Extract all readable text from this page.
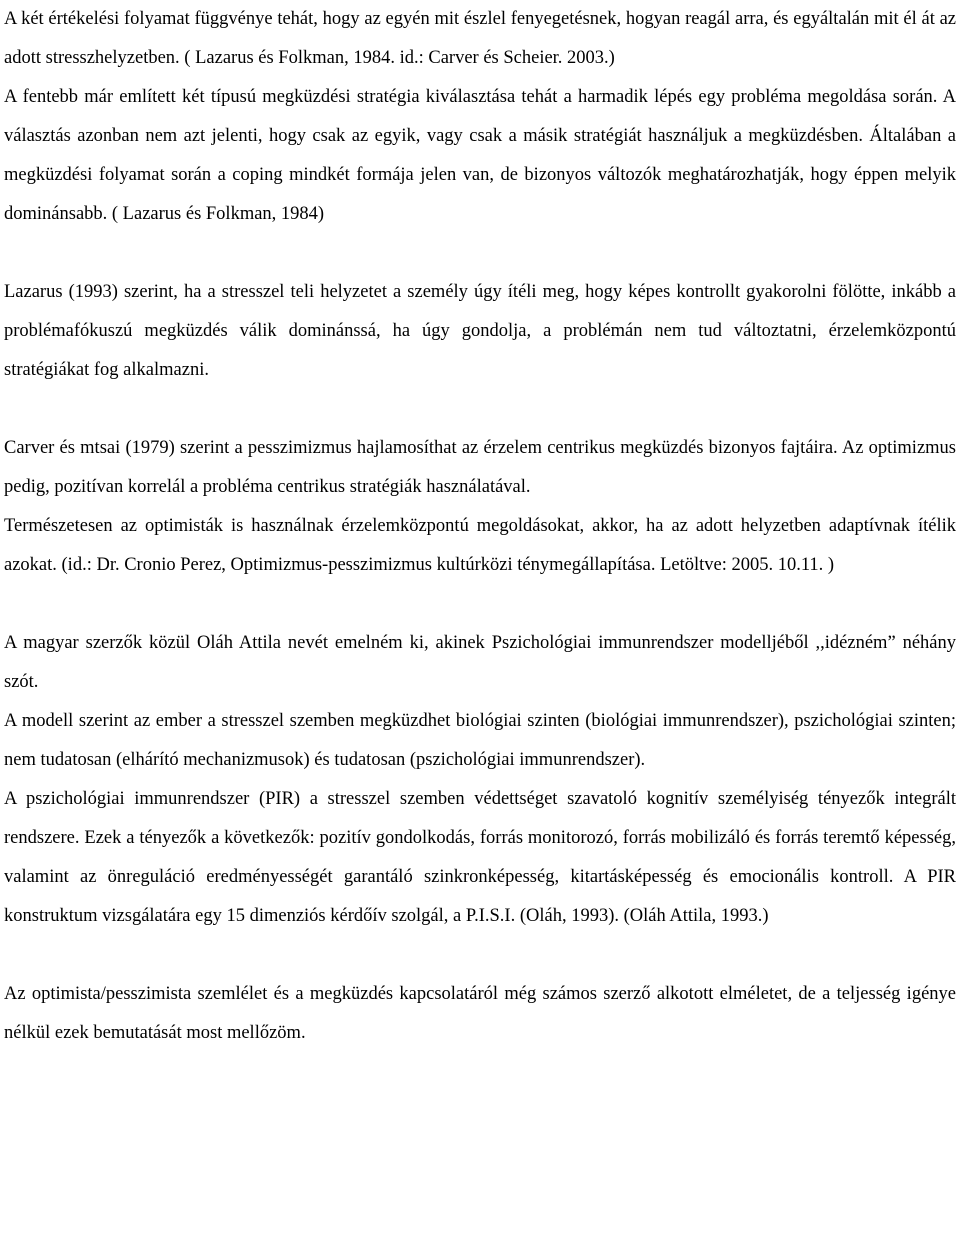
A két értékelési folyamat függvénye tehát, hogy az egyén mit észlel fenyegetésnek, hogyan reagál arra, és egyáltalán mit él át az adott stresszhelyzetben. ( Lazarus és Folkman, 1984. id.: Carver és Scheier. 2003.)

A fentebb már említett két típusú megküzdési stratégia kiválasztása tehát a harmadik lépés egy probléma megoldása során. A választás azonban nem azt jelenti, hogy csak az egyik, vagy csak a másik stratégiát használjuk a megküzdésben. Általában a megküzdési folyamat során a coping mindkét formája jelen van, de bizonyos változók meghatározhatják, hogy éppen melyik dominánsabb. ( Lazarus és Folkman, 1984)

Lazarus (1993) szerint, ha a stresszel teli helyzetet a személy úgy ítéli meg, hogy képes kontrollt gyakorolni fölötte, inkább a problémafókuszú megküzdés válik dominánssá, ha úgy gondolja, a problémán nem tud változtatni, érzelemközpontú stratégiákat fog alkalmazni.

Carver és mtsai (1979) szerint a pesszimizmus hajlamosíthat az érzelem centrikus megküzdés bizonyos fajtáira. Az optimizmus pedig, pozitívan korrelál a probléma centrikus stratégiák használatával.

Természetesen az optimisták is használnak érzelemközpontú megoldásokat, akkor, ha az adott helyzetben adaptívnak ítélik azokat. (id.: Dr. Cronio Perez, Optimizmus-pesszimizmus kultúrközi ténymegállapítása. Letöltve: 2005. 10.11. )

A magyar szerzők közül Oláh Attila nevét emelném ki, akinek Pszichológiai immunrendszer modelljéből ,,idézném” néhány szót.

A modell szerint az ember a stresszel szemben megküzdhet biológiai szinten (biológiai immunrendszer), pszichológiai szinten; nem tudatosan (elhárító mechanizmusok) és tudatosan (pszichológiai immunrendszer).

A pszichológiai immunrendszer (PIR) a stresszel szemben védettséget szavatoló kognitív személyiség tényezők integrált rendszere. Ezek a tényezők a következők: pozitív gondolkodás, forrás monitorozó, forrás mobilizáló és forrás teremtő képesség, valamint az önreguláció eredményességét garantáló szinkronképesség, kitartásképesség és emocionális kontroll. A PIR konstruktum vizsgálatára egy 15 dimenziós kérdőív szolgál, a P.I.S.I. (Oláh, 1993). (Oláh Attila, 1993.)

Az optimista/pesszimista szemlélet és a megküzdés kapcsolatáról még számos szerző alkotott elméletet, de a teljesség igénye nélkül ezek bemutatását most mellőzöm.
